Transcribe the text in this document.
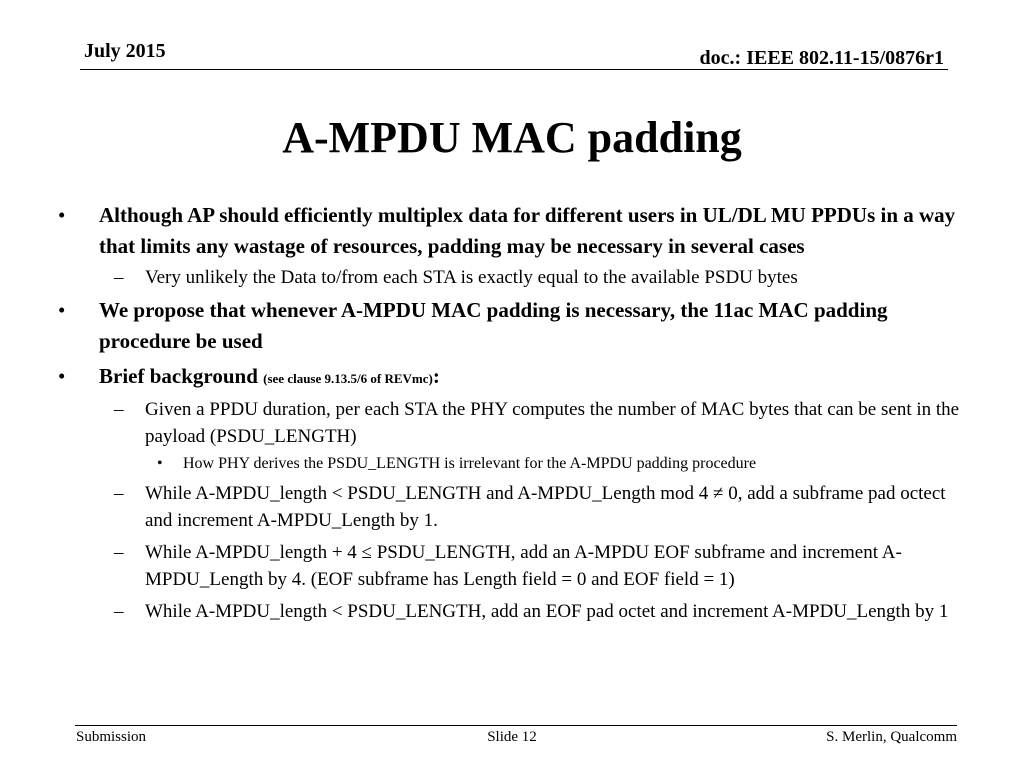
July 2015	doc.: IEEE 802.11-15/0876r1
A-MPDU MAC padding
• Although AP should efficiently multiplex data for different users in UL/DL MU PPDUs in a way that limits any wastage of resources, padding may be necessary in several cases
– Very unlikely the Data to/from each STA is exactly equal to the available PSDU bytes
• We propose that whenever A-MPDU MAC padding is necessary, the 11ac MAC padding procedure be used
• Brief background (see clause 9.13.5/6 of REVmc):
– Given a PPDU duration, per each STA the PHY computes the number of MAC bytes that can be sent in the payload (PSDU_LENGTH)
• How PHY derives the PSDU_LENGTH is irrelevant for the A-MPDU padding procedure
– While A-MPDU_length < PSDU_LENGTH and A-MPDU_Length mod 4 ≠ 0, add a subframe pad octect and increment A-MPDU_Length by 1.
– While A-MPDU_length + 4 ≤ PSDU_LENGTH, add an A-MPDU EOF subframe and increment A-MPDU_Length by 4. (EOF subframe has Length field = 0 and EOF field = 1)
– While A-MPDU_length < PSDU_LENGTH, add an EOF pad octet and increment A-MPDU_Length by 1
Submission	Slide 12	S. Merlin, Qualcomm
